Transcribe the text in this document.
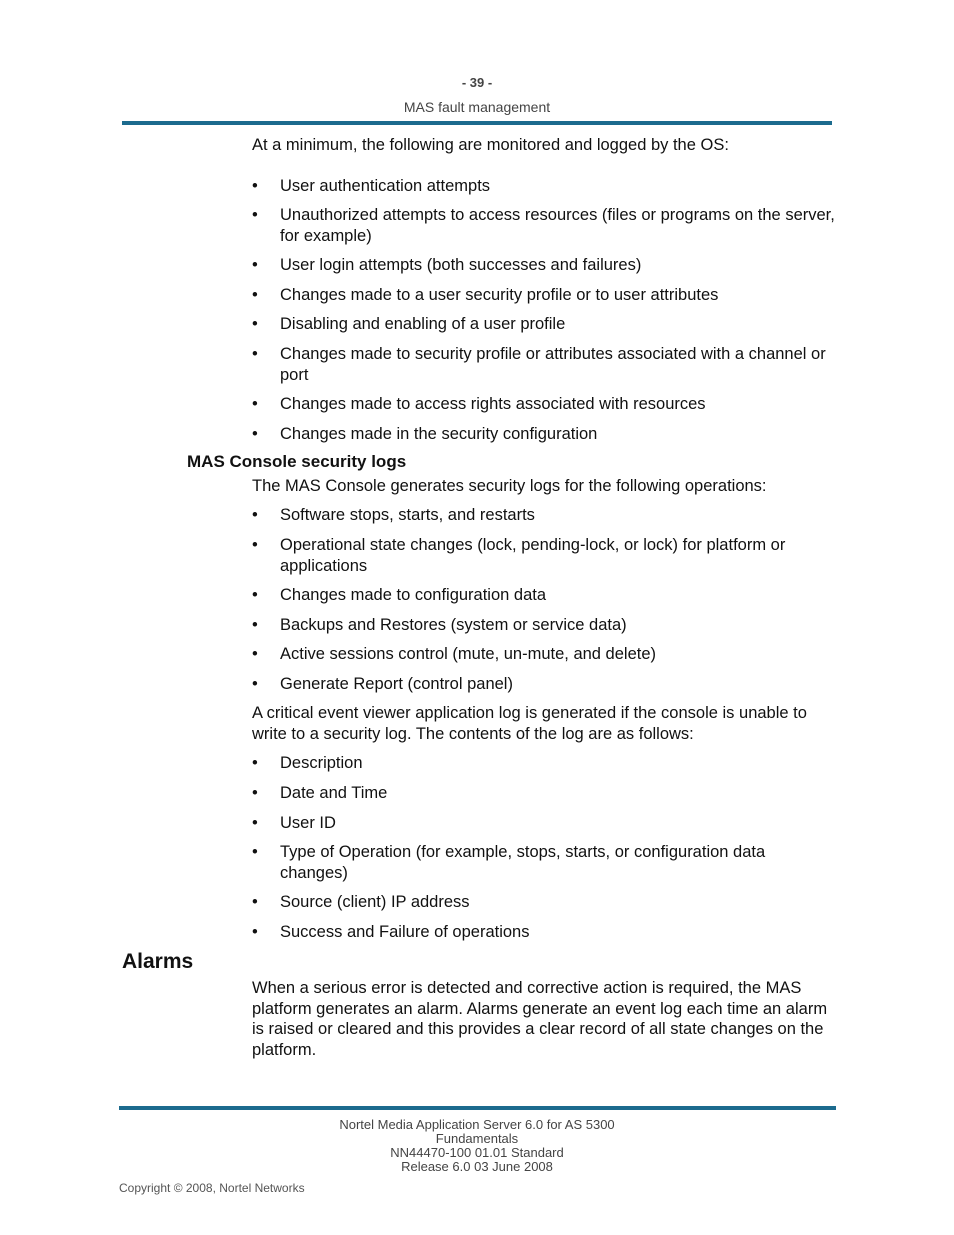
- 39 -
MAS fault management
At a minimum, the following are monitored and logged by the OS:
•	User authentication attempts
•	Unauthorized attempts to access resources (files or programs on the server, for example)
•	User login attempts (both successes and failures)
•	Changes made to a user security profile or to user attributes
•	Disabling and enabling of a user profile
•	Changes made to security profile or attributes associated with a channel or port
•	Changes made to access rights associated with resources
•	Changes made in the security configuration
MAS Console security logs
The MAS Console generates security logs for the following operations:
•	Software stops, starts, and restarts
•	Operational state changes (lock, pending-lock, or lock) for platform or applications
•	Changes made to configuration data
•	Backups and Restores (system or service data)
•	Active sessions control (mute, un-mute, and delete)
•	Generate Report (control panel)
A critical event viewer application log is generated if the console is unable to write to a security log. The contents of the log are as follows:
•	Description
•	Date and Time
•	User ID
•	Type of Operation (for example, stops, starts, or configuration data changes)
•	Source (client) IP address
•	Success and Failure of operations
Alarms
When a serious error is detected and corrective action is required, the MAS platform generates an alarm. Alarms generate an event log each time an alarm is raised or cleared and this provides a clear record of all state changes on the platform.
Nortel Media Application Server 6.0 for AS 5300
Fundamentals
NN44470-100 01.01 Standard
Release 6.0 03 June 2008
Copyright © 2008, Nortel Networks
